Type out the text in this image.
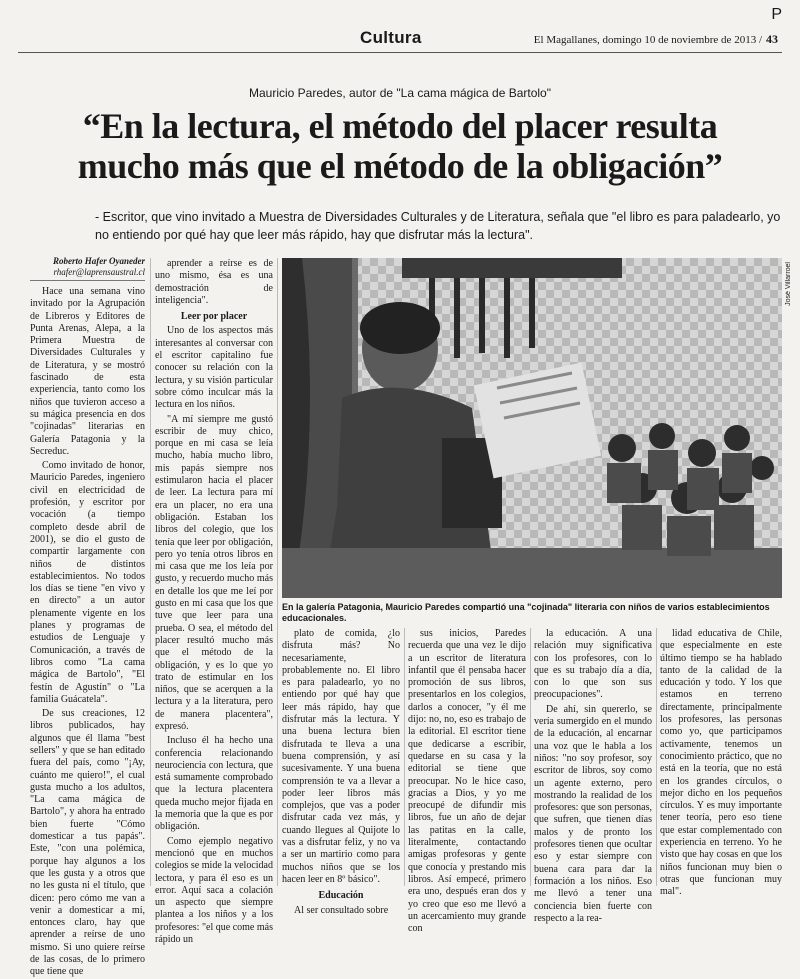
P
Cultura	El Magallanes, domingo 10 de noviembre de 2013 / 43
Mauricio Paredes, autor de "La cama mágica de Bartolo"
“En la lectura, el método del placer resulta mucho más que el método de la obligación”
- Escritor, que vino invitado a Muestra de Diversidades Culturales y de Literatura, señala que "el libro es para paladearlo, yo no entiendo por qué hay que leer más rápido, hay que disfrutar más la lectura".
Roberto Hafer Oyaneder
rhafer@laprensaustral.cl

Hace una semana vino invitado por la Agrupación de Libreros y Editores de Punta Arenas, Alepa, a la Primera Muestra de Diversidades Culturales y de Literatura, y se mostró fascinado de esta experiencia, tanto como los niños que tuvieron acceso a su mágica presencia en dos "cojinadas" literarias en Galería Patagonia y la Secreduc.

Como invitado de honor, Mauricio Paredes, ingeniero civil en electricidad de profesión, y escritor por vocación (a tiempo completo desde abril de 2001), se dio el gusto de compartir largamente con niños de distintos establecimientos. No todos los días se tiene "en vivo y en directo" a un autor plenamente vigente en los planes y programas de estudios de Lenguaje y Comunicación, a través de libros como "La cama mágica de Bartolo", "El festín de Agustín" o "La familia Guácatela".

De sus creaciones, 12 libros publicados, hay algunos que él llama "best sellers" y que se han editado fuera del país, como "¡Ay, cuánto me quiero!", el cual gusta mucho a los adultos, "La cama mágica de Bartolo", y ahora ha entrado bien fuerte "Cómo domesticar a tus papás". Este, "con una polémica, porque hay algunos a los que les gusta y a otros que no les gusta ni el título, que dicen: pero cómo me van a venir a domesticar a mí, entonces claro, hay que aprender a reírse de uno mismo. Si uno quiere reírse de las cosas, de lo primero que tiene que

aprender a reírse es de uno mismo, ésa es una demostración de inteligencia".

Leer por placer

Uno de los aspectos más interesantes al conversar con el escritor capitalino fue conocer su relación con la lectura, y su visión particular sobre cómo inculcar más la lectura en los niños.

"A mí siempre me gustó escribir de muy chico, porque en mi casa se leía mucho, había mucho libro, mis papás siempre nos estimularon hacia el placer de leer. La lectura para mí era un placer, no era una obligación. Estaban los libros del colegio, que los tenía que leer por obligación, pero yo tenía otros libros en mi casa que me los leía por gusto, y recuerdo mucho más en detalle los que me leí por gusto en mi casa que los que tuve que leer para una prueba. O sea, el método del placer resultó mucho más que el método de la obligación, y es lo que yo trato de estimular en los niños, que se acerquen a la lectura y a la literatura, pero de manera placentera", expresó.

Incluso él ha hecho una conferencia relacionando neurociencia con lectura, que está sumamente comprobado que la lectura placentera queda mucho mejor fijada en la memoria que la que es por obligación.

Como ejemplo negativo mencionó que en muchos colegios se mide la velocidad lectora, y para él eso es un error. Aquí saca a colación un aspecto que siempre plantea a los niños y a los profesores: "el que come más rápido un

José Villarroel
En la galería Patagonia, Mauricio Paredes compartió una "cojinada" literaria con niños de varios establecimientos educacionales.

plato de comida, ¿lo disfruta más? No necesariamente, probablemente no. El libro es para paladearlo, yo no entiendo por qué hay que leer más rápido, hay que disfrutar más la lectura. Y una buena lectura bien disfrutada te lleva a una buena comprensión, y así sucesivamente. Y una buena comprensión te va a llevar a poder leer libros más complejos, que vas a poder disfrutar cada vez más, y cuando llegues al Quijote lo vas a disfrutar feliz, y no va a ser un martirio como para muchos niños que se los hacen leer en 8º básico".

Educación

Al ser consultado sobre

sus inicios, Paredes recuerda que una vez le dijo a un escritor de literatura infantil que él pensaba hacer promoción de sus libros, presentarlos en los colegios, darlos a conocer, "y él me dijo: no, no, eso es trabajo de la editorial. El escritor tiene que dedicarse a escribir, quedarse en su casa y la editorial se tiene que preocupar. No le hice caso, gracias a Dios, y yo me preocupé de difundir mis libros, fue un año de dejar las patitas en la calle, literalmente, contactando amigas profesoras y gente que conocía y prestando mis libros. Así empecé, primero era uno, después eran dos y yo creo que eso me llevó a un acercamiento muy grande con

la educación. A una relación muy significativa con los profesores, con lo que es su trabajo día a día, con lo que son sus preocupaciones".

De ahí, sin quererlo, se vería sumergido en el mundo de la educación, al encarnar una voz que le habla a los niños: "no soy profesor, soy escritor de libros, soy como un agente externo, pero mostrando la realidad de los profesores: que son personas, que sufren, que tienen días malos y de pronto los profesores tienen que ocultar eso y estar siempre con buena cara para dar la formación a los niños. Eso me llevó a tener una conciencia bien fuerte con respecto a la rea-

lidad educativa de Chile, que especialmente en este último tiempo se ha hablado tanto de la calidad de la educación y todo. Y los que estamos en terreno directamente, principalmente los profesores, las personas como yo, que participamos activamente, tenemos un conocimiento práctico, que no está en la teoría, que no está en los grandes círculos, o mejor dicho en los pequeños círculos. Y es muy importante tener teoría, pero eso tiene que estar complementado con experiencia en terreno. Yo he visto que hay cosas en que los niños funcionan muy bien o otras que funcionan muy mal".
